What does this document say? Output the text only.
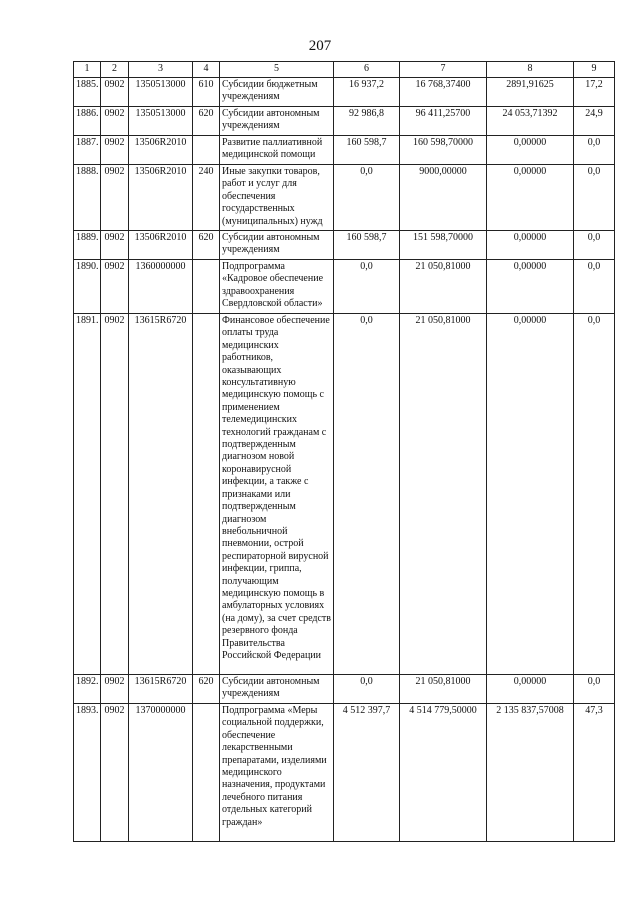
207
1	2	3	4	5	6	7	8	9
1885.	0902	1350513000	610	Субсидии бюджетным учреждениям	16 937,2	16 768,37400	2891,91625	17,2
1886.	0902	1350513000	620	Субсидии автономным учреждениям	92 986,8	96 411,25700	24 053,71392	24,9
1887.	0902	13506R2010		Развитие паллиативной медицинской помощи	160 598,7	160 598,70000	0,00000	0,0
1888.	0902	13506R2010	240	Иные закупки товаров, работ и услуг для обеспечения государственных (муниципальных) нужд	0,0	9000,00000	0,00000	0,0
1889.	0902	13506R2010	620	Субсидии автономным учреждениям	160 598,7	151 598,70000	0,00000	0,0
1890.	0902	1360000000		Подпрограмма «Кадровое обеспечение здравоохранения Свердловской области»	0,0	21 050,81000	0,00000	0,0
1891.	0902	13615R6720		Финансовое обеспечение оплаты труда медицинских работников, оказывающих консультативную медицинскую помощь с применением телемедицинских технологий гражданам с подтвержденным диагнозом новой коронавирусной инфекции, а также с признаками или подтвержденным диагнозом внебольничной пневмонии, острой респираторной вирусной инфекции, гриппа, получающим медицинскую помощь в амбулаторных условиях (на дому), за счет средств резервного фонда Правительства Российской Федерации	0,0	21 050,81000	0,00000	0,0
1892.	0902	13615R6720	620	Субсидии автономным учреждениям	0,0	21 050,81000	0,00000	0,0
1893.	0902	1370000000		Подпрограмма «Меры социальной поддержки, обеспечение лекарственными препаратами, изделиями медицинского назначения, продуктами лечебного питания отдельных категорий граждан»	4 512 397,7	4 514 779,50000	2 135 837,57008	47,3
